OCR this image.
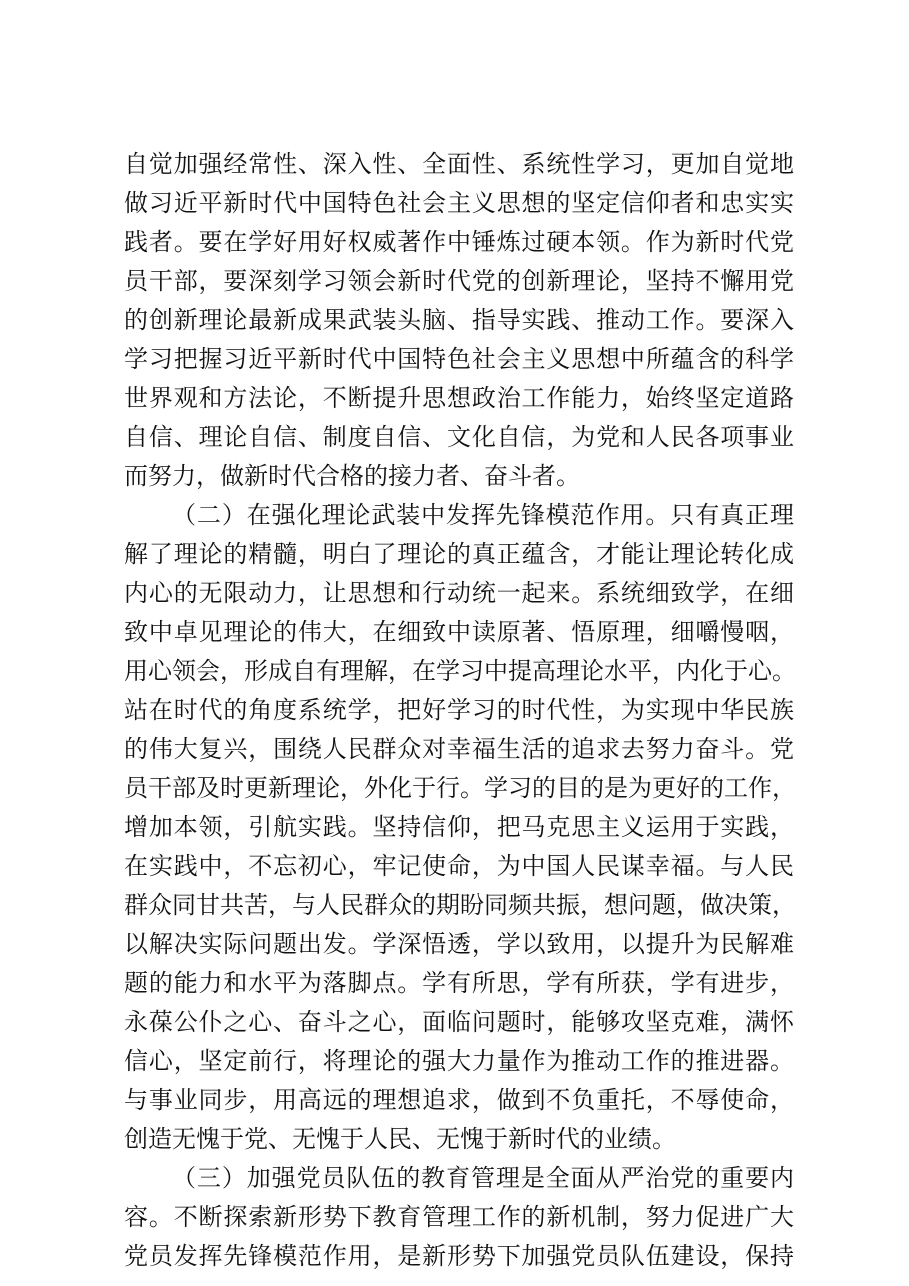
自觉加强经常性、深入性、全面性、系统性学习，更加自觉地
做习近平新时代中国特色社会主义思想的坚定信仰者和忠实实
践者。要在学好用好权威著作中锤炼过硬本领。作为新时代党
员干部，要深刻学习领会新时代党的创新理论，坚持不懈用党
的创新理论最新成果武装头脑、指导实践、推动工作。要深入
学习把握习近平新时代中国特色社会主义思想中所蕴含的科学
世界观和方法论，不断提升思想政治工作能力，始终坚定道路
自信、理论自信、制度自信、文化自信，为党和人民各项事业
而努力，做新时代合格的接力者、奋斗者。
（二）在强化理论武装中发挥先锋模范作用。只有真正理
解了理论的精髓，明白了理论的真正蕴含，才能让理论转化成
内心的无限动力，让思想和行动统一起来。系统细致学，在细
致中卓见理论的伟大，在细致中读原著、悟原理，细嚼慢咽，
用心领会，形成自有理解，在学习中提高理论水平，内化于心。
站在时代的角度系统学，把好学习的时代性，为实现中华民族
的伟大复兴，围绕人民群众对幸福生活的追求去努力奋斗。党
员干部及时更新理论，外化于行。学习的目的是为更好的工作，
增加本领，引航实践。坚持信仰，把马克思主义运用于实践，
在实践中，不忘初心，牢记使命，为中国人民谋幸福。与人民
群众同甘共苦，与人民群众的期盼同频共振，想问题，做决策，
以解决实际问题出发。学深悟透，学以致用，以提升为民解难
题的能力和水平为落脚点。学有所思，学有所获，学有进步，
永葆公仆之心、奋斗之心，面临问题时，能够攻坚克难，满怀
信心，坚定前行，将理论的强大力量作为推动工作的推进器。
与事业同步，用高远的理想追求，做到不负重托，不辱使命，
创造无愧于党、无愧于人民、无愧于新时代的业绩。
（三）加强党员队伍的教育管理是全面从严治党的重要内
容。不断探索新形势下教育管理工作的新机制，努力促进广大
党员发挥先锋模范作用，是新形势下加强党员队伍建设，保持
